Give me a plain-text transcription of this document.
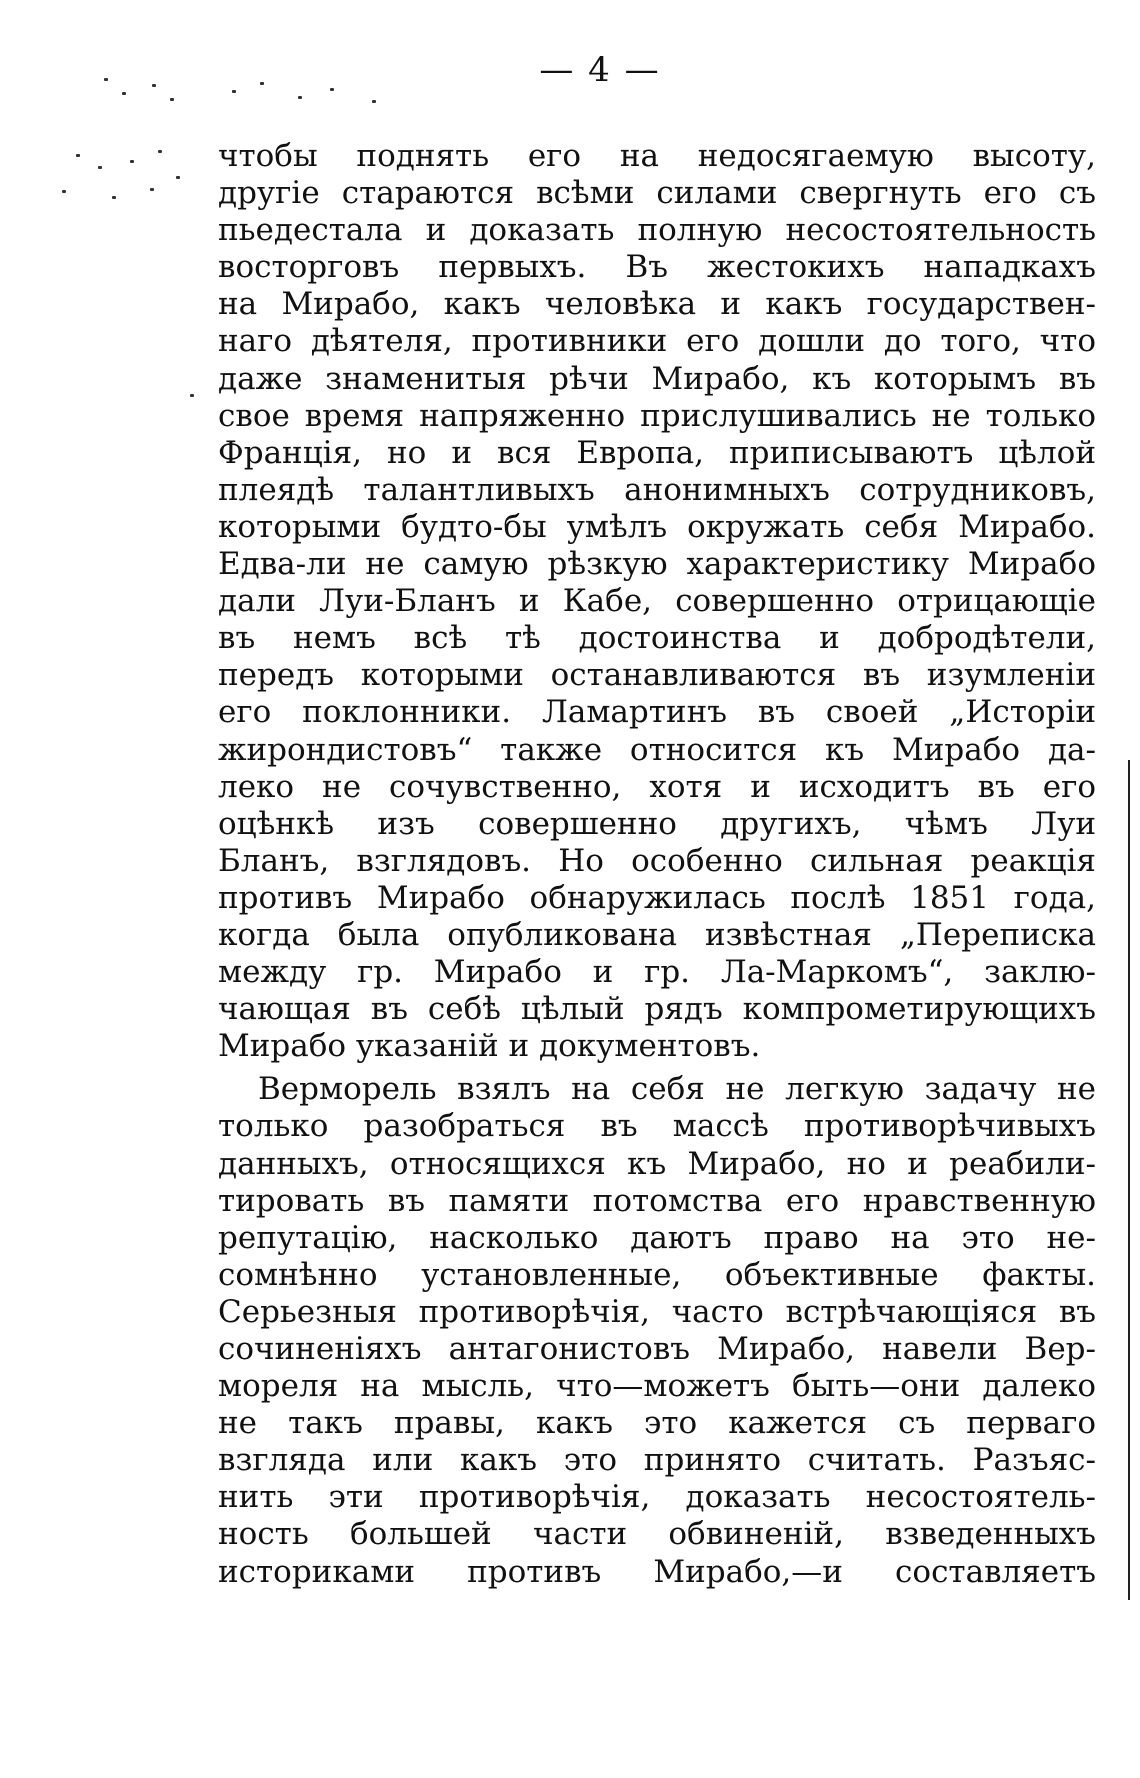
— 4 —
чтобы поднять его на недосягаемую высоту,
другіе стараются всѣми силами свергнуть его съ
пьедестала и доказать полную несостоятельность
восторговъ первыхъ. Въ жестокихъ нападкахъ
на Мирабо, какъ человѣка и какъ государствен-
наго дѣятеля, противники его дошли до того, что
даже знаменитыя рѣчи Мирабо, къ которымъ въ
свое время напряженно прислушивались не только
Франція, но и вся Европа, приписываютъ цѣлой
плеядѣ талантливыхъ анонимныхъ сотрудниковъ,
которыми будто-бы умѣлъ окружать себя Мирабо.
Едва-ли не самую рѣзкую характеристику Мирабо
дали Луи-Бланъ и Кабе, совершенно отрицающіе
въ немъ всѣ тѣ достоинства и добродѣтели,
передъ которыми останавливаются въ изумленіи
его поклонники. Ламартинъ въ своей „Исторіи
жирондистовъ“ также относится къ Мирабо да-
леко не сочувственно, хотя и исходитъ въ его
оцѣнкѣ изъ совершенно другихъ, чѣмъ Луи
Бланъ, взглядовъ. Но особенно сильная реакція
противъ Мирабо обнаружилась послѣ 1851 года,
когда была опубликована извѣстная „Переписка
между гр. Мирабо и гр. Ла-Маркомъ“, заклю-
чающая въ себѣ цѣлый рядъ компрометирующихъ
Мирабо указаній и документовъ.
Верморель взялъ на себя не легкую задачу не
только разобраться въ массѣ противорѣчивыхъ
данныхъ, относящихся къ Мирабо, но и реабили-
тировать въ памяти потомства его нравственную
репутацію, насколько даютъ право на это не-
сомнѣнно установленные, объективные факты.
Серьезныя противорѣчія, часто встрѣчающіяся въ
сочиненіяхъ антагонистовъ Мирабо, навели Вер-
мореля на мысль, что—можетъ быть—они далеко
не такъ правы, какъ это кажется съ перваго
взгляда или какъ это принято считать. Разъяс-
нить эти противорѣчія, доказать несостоятель-
ность большей части обвиненій, взведенныхъ
историками противъ Мирабо,—и составляетъ
